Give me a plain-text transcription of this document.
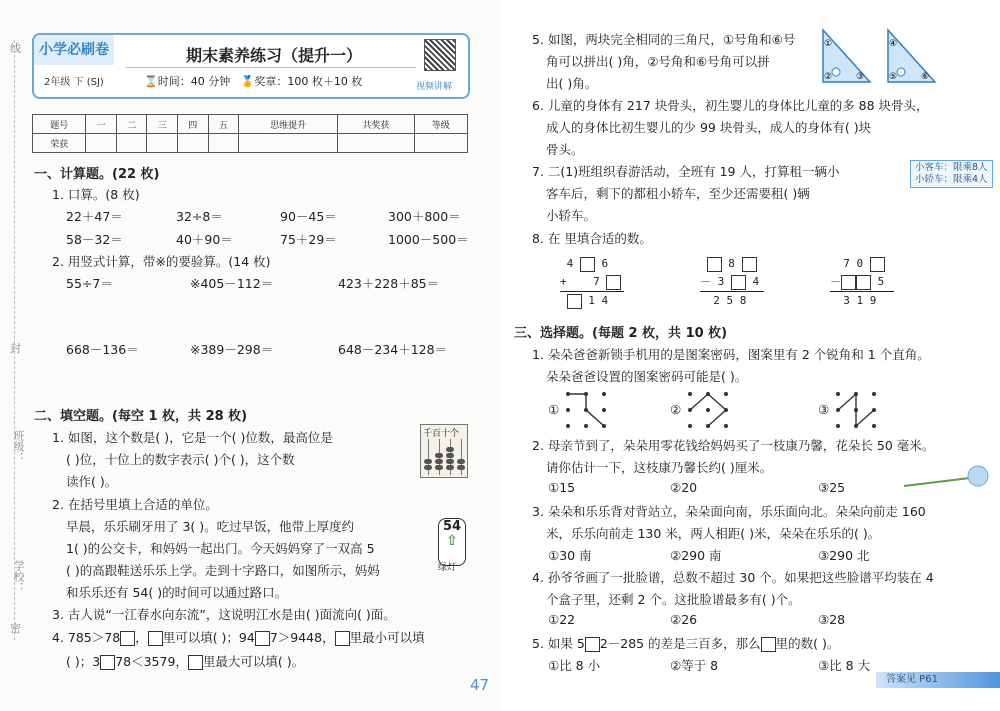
线
封
班级：
学校：
密
小学必刷卷
2年级 下 (SJ)
期末素养练习（提升一）
⌛时间：40 分钟 🏅奖章：100 枚＋10 枚	视频讲解
题号	一	二	三	四	五	思维提升	共奖获	等级
荣获								
一、计算题。(22 枚)
1. 口算。(8 枚)
22＋47＝	32÷8＝	90－45＝	300＋800＝
58－32＝	40＋90＝	75＋29＝	1000－500＝
2. 用竖式计算，带※的要验算。(14 枚)
55÷7＝	※405－112＝	423＋228＋85＝
668－136＝	※389－298＝	648－234＋128＝
二、填空题。(每空 1 枚，共 28 枚)
1. 如图，这个数是( )，它是一个( )位数，最高位是
( )位，十位上的数字表示( )个( )，这个数
读作( )。
千百十个
2. 在括号里填上合适的单位。
早晨，乐乐刷牙用了 3( )。吃过早饭，他带上厚度约
1( )的公交卡，和妈妈一起出门。今天妈妈穿了一双高 5
( )的高跟鞋送乐乐上学。走到十字路口，如图所示，妈妈
和乐乐还有 54( )的时间可以通过路口。
54
⇧
绿灯
3. 古人说“一江春水向东流”，这说明江水是由( )面流向( )面。
4. 785＞78 ， 里可以填( )；94 7＞9448， 里最小可以填
( )；3 78＜3579， 里最大可以填( )。
5. 如图，两块完全相同的三角尺，①号角和⑥号
角可以拼出( )角，②号角和⑥号角可以拼
出( )角。
①
②	③
④
⑤	⑥
6. 儿童的身体有 217 块骨头，初生婴儿的身体比儿童的多 88 块骨头，
成人的身体比初生婴儿的少 99 块骨头，成人的身体有( )块
骨头。
7. 二(1)班组织春游活动，全班有 19 人，打算租一辆小
客车后，剩下的都租小轿车，至少还需要租( )辆
小轿车。
小客车：限乘8人
小轿车：限乘4人
8. 在 里填合适的数。
4	6
+ 7
1 4
8
－ 3	4
2 5 8
7 0
－	5
3 1 9
三、选择题。(每题 2 枚，共 10 枚)
1. 朵朵爸爸新锁手机用的是图案密码，图案里有 2 个锐角和 1 个直角。
朵朵爸爸设置的图案密码可能是( )。
①	②	③
2. 母亲节到了，朵朵用零花钱给妈妈买了一枝康乃馨，花朵长 50 毫米。
请你估计一下，这枝康乃馨长约( )厘米。
①15	②20	③25
3. 朵朵和乐乐背对背站立，朵朵面向南，乐乐面向北。朵朵向前走 160
米，乐乐向前走 130 米，两人相距( )米，朵朵在乐乐的( )。
①30 南	②290 南	③290 北
4. 孙爷爷画了一批脸谱，总数不超过 30 个。如果把这些脸谱平均装在 4
个盒子里，还剩 2 个。这批脸谱最多有( )个。
①22	②26	③28
5. 如果 5 2－285 的差是三百多，那么 里的数( )。
①比 8 小	②等于 8	③比 8 大
47	答案见 P61
